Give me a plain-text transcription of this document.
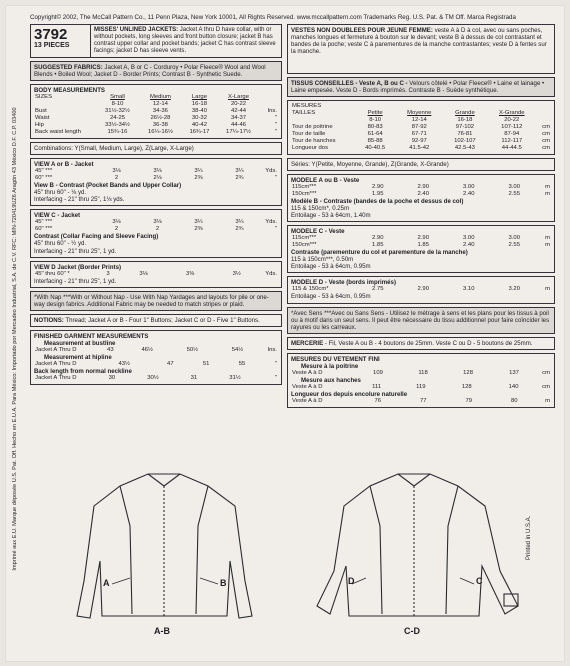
Copyright© 2002, The McCall Pattern Co., 11 Penn Plaza, New York 10001, All Rights Reserved. www.mccallpattern.com Trademarks Reg. U.S. Pat. & TM Off. Marca Registrada
Imprimé aux E.U. Marque déposée U.S. Pat. Off. Hecho en E.U.A. Para México: Importado por Mercadeo Industrial, S.A. de C.V. RFC: MIN-720419UZ6 Aragón 43 México D.F. C.P. 03400	Printed in U.S.A.
3792
13 PIECES
MISSES' UNLINED JACKETS: Jacket A thru D have collar, with or without pockets, long sleeves and front button closure; jacket B has contrast upper collar and pocket bands; jacket C has contrast sleeve facings; jacket D has sleeve vents.
SUGGESTED FABRICS: Jacket A, B or C - Corduroy • Polar Fleece® Wool and Wool Blends • Boiled Wool; Jacket D - Border Prints; Contrast B - Synthetic Suede.
BODY MEASUREMENTS
SIZES	Small	Medium	Large	X-Large	
	8-10	12-14	16-18	20-22	
Bust	31½-32½	34-36	38-40	42-44	Ins.
Waist	24-25	26½-28	30-32	34-37	"
Hip	33½-34½	36-38	40-42	44-46	"
Back waist length	15¾-16	16¼-16½	16¾-17	17¼-17½	"
Combinations: Y(Small, Medium, Large), Z(Large, X-Large)
VIEW A or B - Jacket
45" ***	3⅛	3⅛	3¼	3¼	Yds.
60" ***	2	2⅛	2⅜	2¾	"
View B - Contrast (Pocket Bands and Upper Collar)
45" thru 60" - ⅛ yd.
Interfacing - 21" thru 25", 1⅛ yds.
VIEW C - Jacket
45" ***	3⅛	3⅛	3¼	3¼	Yds.
60" ***	2	2	2⅜	2¾	"
Contrast (Collar Facing and Sleeve Facing)
45" thru 60" - ½ yd.
Interfacing - 21" thru 25", 1 yd.
VIEW D Jacket (Border Prints)
45" thru 60" *	3	3⅛	3⅜	3½	Yds.
Interfacing - 21" thru 25", 1 yd.
*With Nap ***With or Without Nap - Use With Nap Yardages and layouts for pile or one-way design fabrics. Additional Fabric may be needed to match stripes or plaid.
NOTIONS: Thread; Jacket A or B - Four 1" Buttons; Jacket C or D - Five 1" Buttons.
FINISHED GARMENT MEASUREMENTS
Measurement at bustline
Jacket A Thru D	43	46½	50½	54½	Ins.
Measurement at hipline
Jacket A Thru D	43½	47	51	55	"
Back length from normal neckline
Jacket A Thru D	30	30½	31	31½	"
VESTES NON DOUBLEES POUR JEUNE FEMME: veste A à D à col, avec ou sans poches, manches longues et fermeture à bouton sur le devant; veste B à dessus de col contrastant et bandes de la poche; veste C à parementures de la manche contrastantes; veste D à fentes sur la manche.
TISSUS CONSEILLES - Veste A, B ou C - Velours côtelé • Polar Fleece® • Laine et lainage • Laine empesée. Veste D - Bords imprimés. Contraste B - Suède synthétique.
MESURES					
TAILLES	Petite	Moyenne	Grande	X-Grande	
	8-10	12-14	16-18	20-22	
Tour de poitrine	80-83	87-92	97-102	107-112	cm
Tour de taille	61-64	67-71	76-81	87-94	cm
Tour de hanches	85-88	92-97	102-107	112-117	cm
Longueur dos	40-40.5	41.5-42	42.5-43	44-44.5	cm
Séries: Y(Petite, Moyenne, Grande), Z(Grande, X-Grande)
MODELE A ou B - Veste
115cm***	2.90	2.90	3.00	3.00	m
150cm***	1.95	2.40	2.40	2.55	m
Modèle B - Contraste (bandes de la poche et dessus de col)
115 & 150cm*, 0.25m
Entoilage - 53 à 64cm, 1.40m
MODELE C - Veste
115cm***	2.90	2.90	3.00	3.00	m
150cm***	1.85	1.85	2.40	2.55	m
Contraste (parementure du col et parementure de la manche)
115 à 150cm***, 0.50m
Entoilage - 53 à 64cm, 0.95m
MODELE D - Veste (bords imprimés)
115 & 150cm*	2.75	2.90	3.10	3.20	m
Entoilage - 53 à 64cm, 0.95m
*Avec Sens ***Avec ou Sans Sens - Utilisez le métrage à sens et les plans pour les tissus à poil ou à motif dans un seul sens. Il peut être nécessaire du tissu additionnel pour faire coïncider les rayures ou les carreaux.
MERCERIE - Fil, Veste A ou B - 4 boutons de 25mm. Veste C ou D - 5 boutons de 25mm.
MESURES DU VETEMENT FINI
Mesure à la poitrine
Veste A à D	109	118	128	137	cm
Mesure aux hanches
Veste A à D	111	119	128	140	cm
Longueur dos depuis encolure naturelle
Veste A à D	76	77	79	80	m
A	B
A-B
D	C
C-D
